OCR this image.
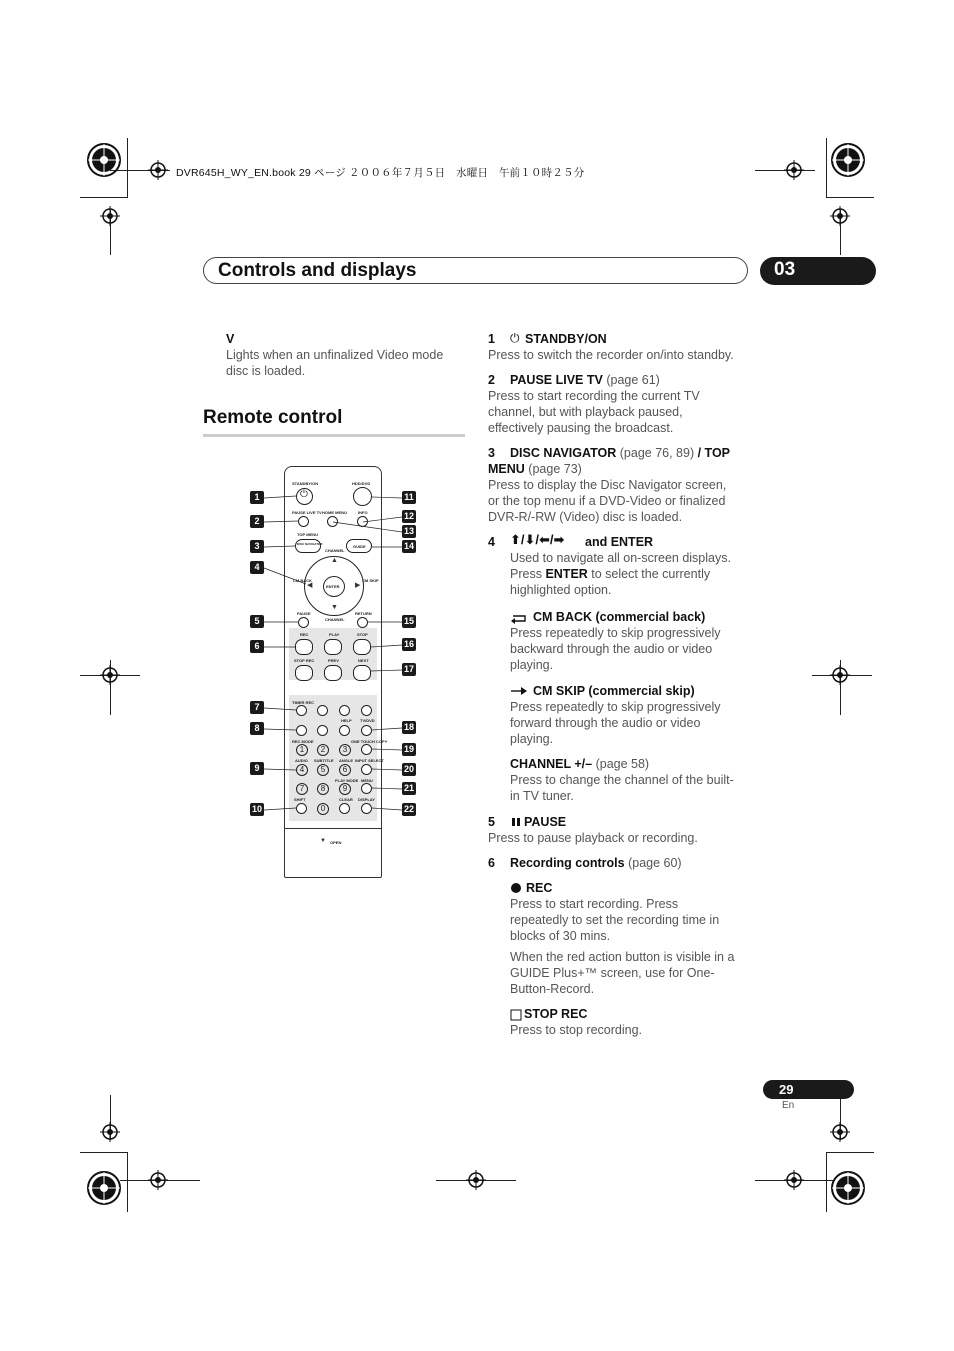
DVR645H_WY_EN.book 29 ページ ２００６年７月５日　水曜日　午前１０時２５分
Controls and displays	03
V
Lights when an unfinalized Video mode
disc is loaded.
Remote control
STANDBY/ON	HDD/DVD
⏻
PAUSE LIVE TV HOME MENU	INFO
TOP MENU
DISC NAVIGATOR	GUIDE
CHANNEL
ENTER
▲
▼
◀	▶
CM BACK	CM SKIP
PAUSE
CHANNEL
RETURN
REC	PLAY	STOP
STOP REC	PREV	NEXT
TIMER REC
HELP TV/DVD
REC MODE	ONE TOUCH COPY
1	2	3
AUDIO SUBTITLE ANGLE INPUT SELECT
4	5	6
PLAY MODE MENU
7	8	9
SHIFT	CLEAR DISPLAY
0
▼ OPEN
1
2
3
4
5
6
7
8
9
10
11
12
13
14
15
16
17
18
19
20
21
22
1 ⏻ STANDBY/ON
Press to switch the recorder on/into standby.
2 PAUSE LIVE TV (page 61)
Press to start recording the current TV
channel, but with playback paused,
effectively pausing the broadcast.
3 DISC NAVIGATOR (page 76, 89) / TOP
MENU (page 73)
Press to display the Disc Navigator screen,
or the top menu if a DVD-Video or finalized
DVR-R/-RW (Video) disc is loaded.
4 ⬆/⬇/⬅/➡ and ENTER
Used to navigate all on-screen displays.
Press ENTER to select the currently
highlighted option.
CM BACK (commercial back)
Press repeatedly to skip progressively
backward through the audio or video
playing.
CM SKIP (commercial skip)
Press repeatedly to skip progressively
forward through the audio or video
playing.
CHANNEL +/– (page 58)
Press to change the channel of the built-
in TV tuner.
5 PAUSE
Press to pause playback or recording.
6 Recording controls (page 60)
REC
Press to start recording. Press
repeatedly to set the recording time in
blocks of 30 mins.
When the red action button is visible in a
GUIDE Plus+™ screen, use for One-
Button-Record.
STOP REC
Press to stop recording.
29
En
